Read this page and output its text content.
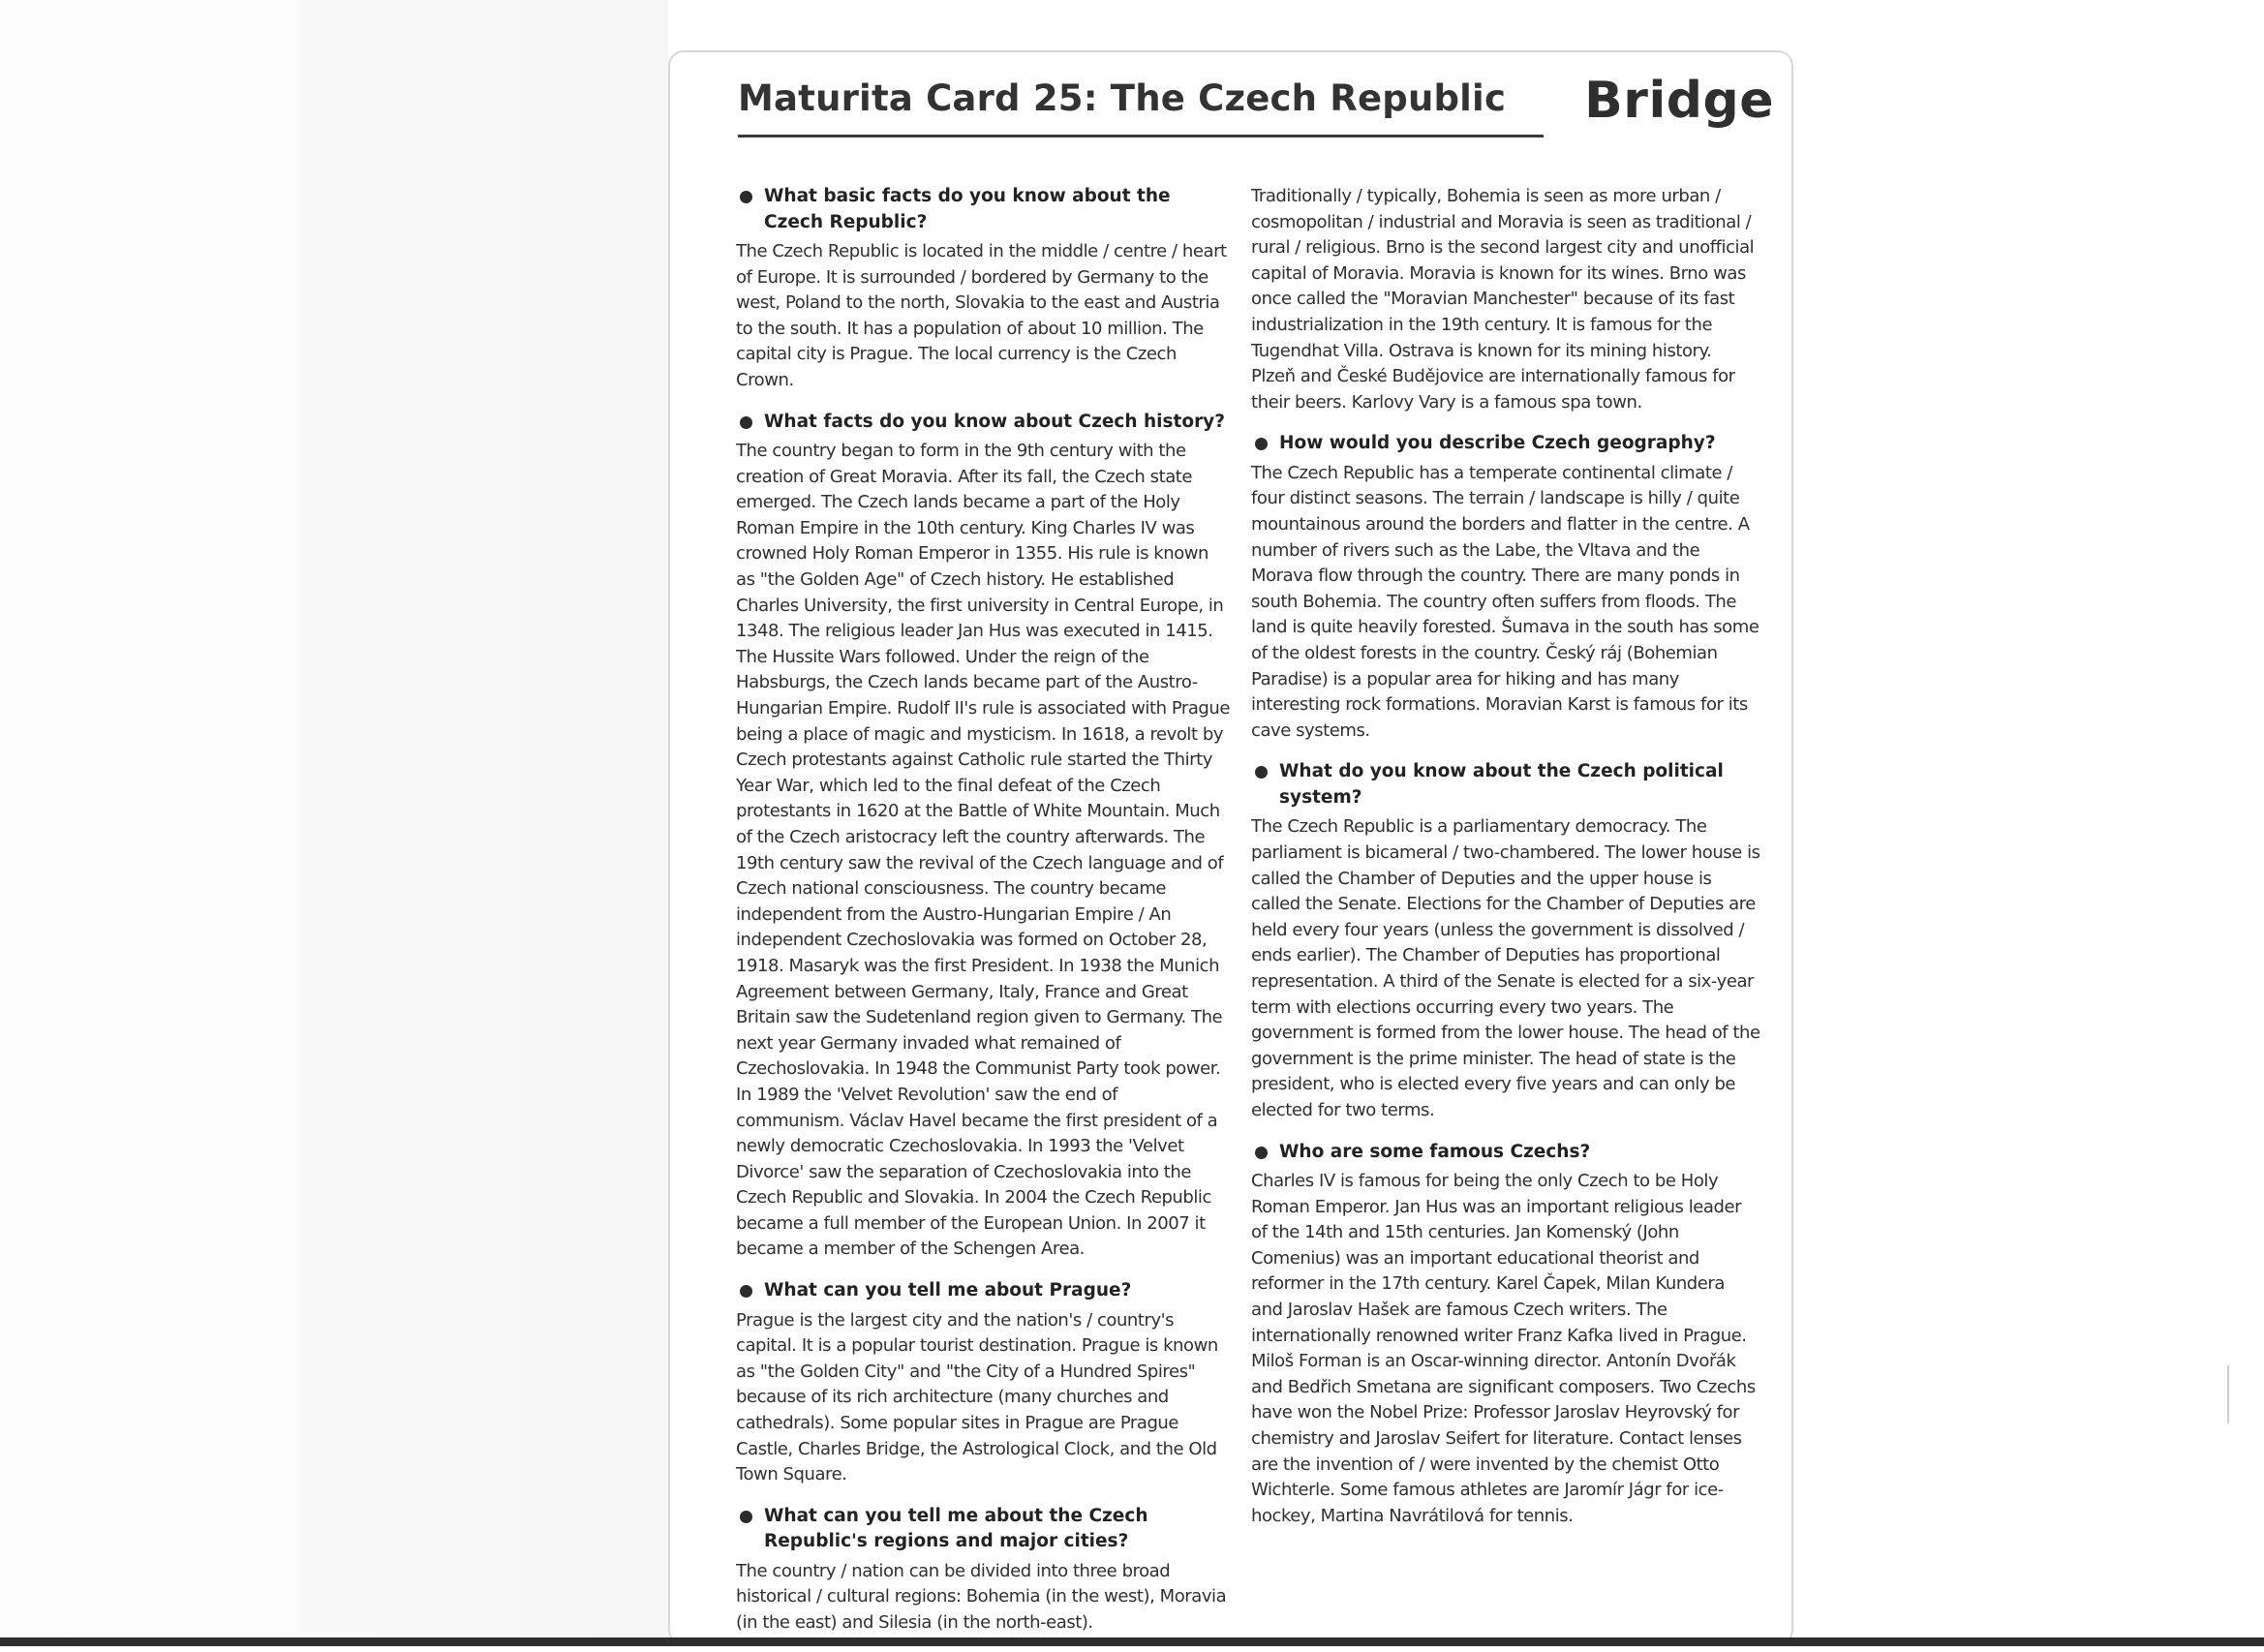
Maturita Card 25: The Czech Republic Bridge
What basic facts do you know about the Czech Republic?

The Czech Republic is located in the middle / centre / heart of Europe. It is surrounded / bordered by Germany to the west, Poland to the north, Slovakia to the east and Austria to the south. It has a population of about 10 million. The capital city is Prague. The local currency is the Czech Crown.

What facts do you know about Czech history?

The country began to form in the 9th century with the creation of Great Moravia. After its fall, the Czech state emerged. The Czech lands became a part of the Holy Roman Empire in the 10th century. King Charles IV was crowned Holy Roman Emperor in 1355. His rule is known as "the Golden Age" of Czech history. He established Charles University, the first university in Central Europe, in 1348. The religious leader Jan Hus was executed in 1415. The Hussite Wars followed. Under the reign of the Habsburgs, the Czech lands became part of the Austro-Hungarian Empire. Rudolf II's rule is associated with Prague being a place of magic and mysticism. In 1618, a revolt by Czech protestants against Catholic rule started the Thirty Year War, which led to the final defeat of the Czech protestants in 1620 at the Battle of White Mountain. Much of the Czech aristocracy left the country afterwards. The 19th century saw the revival of the Czech language and of Czech national consciousness. The country became independent from the Austro-Hungarian Empire / An independent Czechoslovakia was formed on October 28, 1918. Masaryk was the first President. In 1938 the Munich Agreement between Germany, Italy, France and Great Britain saw the Sudetenland region given to Germany. The next year Germany invaded what remained of Czechoslovakia. In 1948 the Communist Party took power. In 1989 the 'Velvet Revolution' saw the end of communism. Václav Havel became the first president of a newly democratic Czechoslovakia. In 1993 the 'Velvet Divorce' saw the separation of Czechoslovakia into the Czech Republic and Slovakia. In 2004 the Czech Republic became a full member of the European Union. In 2007 it became a member of the Schengen Area.

What can you tell me about Prague?

Prague is the largest city and the nation's / country's capital. It is a popular tourist destination. Prague is known as "the Golden City" and "the City of a Hundred Spires" because of its rich architecture (many churches and cathedrals). Some popular sites in Prague are Prague Castle, Charles Bridge, the Astrological Clock, and the Old Town Square.

What can you tell me about the Czech Republic's regions and major cities?

The country / nation can be divided into three broad historical / cultural regions: Bohemia (in the west), Moravia (in the east) and Silesia (in the north-east).

Traditionally / typically, Bohemia is seen as more urban / cosmopolitan / industrial and Moravia is seen as traditional / rural / religious. Brno is the second largest city and unofficial capital of Moravia. Moravia is known for its wines. Brno was once called the "Moravian Manchester" because of its fast industrialization in the 19th century. It is famous for the Tugendhat Villa. Ostrava is known for its mining history. Plzeň and České Budějovice are internationally famous for their beers. Karlovy Vary is a famous spa town.

How would you describe Czech geography?

The Czech Republic has a temperate continental climate / four distinct seasons. The terrain / landscape is hilly / quite mountainous around the borders and flatter in the centre. A number of rivers such as the Labe, the Vltava and the Morava flow through the country. There are many ponds in south Bohemia. The country often suffers from floods. The land is quite heavily forested. Šumava in the south has some of the oldest forests in the country. Český ráj (Bohemian Paradise) is a popular area for hiking and has many interesting rock formations. Moravian Karst is famous for its cave systems.

What do you know about the Czech political system?

The Czech Republic is a parliamentary democracy. The parliament is bicameral / two-chambered. The lower house is called the Chamber of Deputies and the upper house is called the Senate. Elections for the Chamber of Deputies are held every four years (unless the government is dissolved / ends earlier). The Chamber of Deputies has proportional representation. A third of the Senate is elected for a six-year term with elections occurring every two years. The government is formed from the lower house. The head of the government is the prime minister. The head of state is the president, who is elected every five years and can only be elected for two terms.

Who are some famous Czechs?

Charles IV is famous for being the only Czech to be Holy Roman Emperor. Jan Hus was an important religious leader of the 14th and 15th centuries. Jan Komenský (John Comenius) was an important educational theorist and reformer in the 17th century. Karel Čapek, Milan Kundera and Jaroslav Hašek are famous Czech writers. The internationally renowned writer Franz Kafka lived in Prague. Miloš Forman is an Oscar-winning director. Antonín Dvořák and Bedřich Smetana are significant composers. Two Czechs have won the Nobel Prize: Professor Jaroslav Heyrovský for chemistry and Jaroslav Seifert for literature. Contact lenses are the invention of / were invented by the chemist Otto Wichterle. Some famous athletes are Jaromír Jágr for ice-hockey, Martina Navrátilová for tennis.
